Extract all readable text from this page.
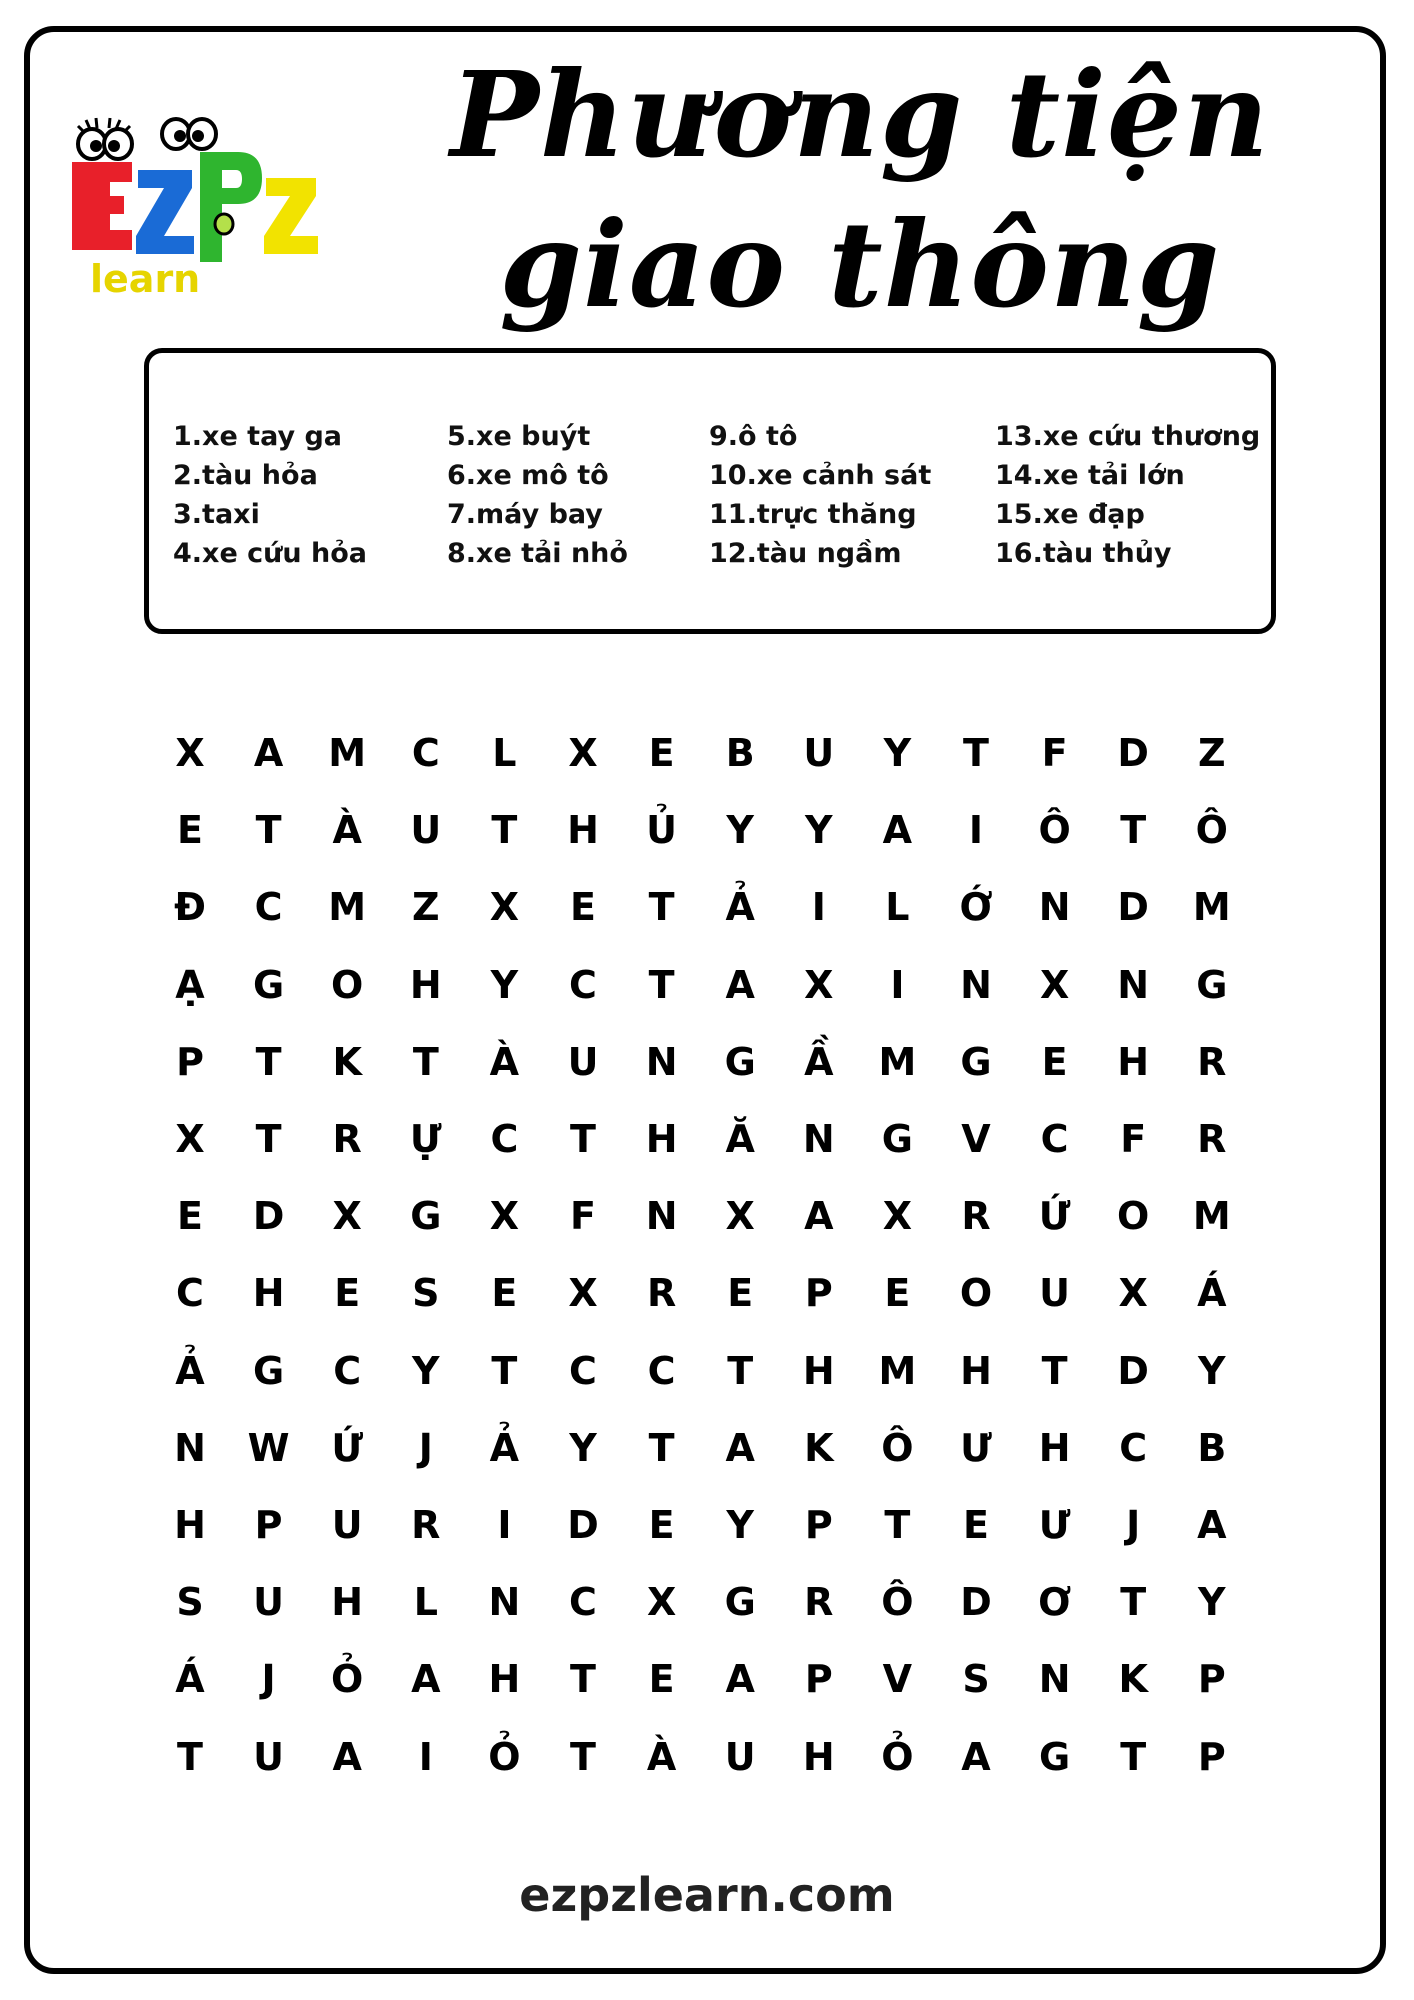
learn
Phương tiện
giao thông
1.xe tay ga
2.tàu hỏa
3.taxi
4.xe cứu hỏa
5.xe buýt
6.xe mô tô
7.máy bay
8.xe tải nhỏ
9.ô tô
10.xe cảnh sát
11.trực thăng
12.tàu ngầm
13.xe cứu thương
14.xe tải lớn
15.xe đạp
16.tàu thủy
X	A	M	C	L	X	E	B	U	Y	T	F	D	Z
E	T	À	U	T	H	Ủ	Y	Y	A	I	Ô	T	Ô
Đ	C	M	Z	X	E	T	Ả	I	L	Ớ	N	D	M
Ạ	G	O	H	Y	C	T	A	X	I	N	X	N	G
P	T	K	T	À	U	N	G	Ầ	M	G	E	H	R
X	T	R	Ự	C	T	H	Ă	N	G	V	C	F	R
E	D	X	G	X	F	N	X	A	X	R	Ứ	O	M
C	H	E	S	E	X	R	E	P	E	O	U	X	Á
Ả	G	C	Y	T	C	C	T	H	M	H	T	D	Y
N	W	Ứ	J	Ả	Y	T	A	K	Ô	Ư	H	C	B
H	P	U	R	I	D	E	Y	P	T	E	Ư	J	A
S	U	H	L	N	C	X	G	R	Ô	D	Ơ	T	Y
Á	J	Ỏ	A	H	T	E	A	P	V	S	N	K	P
T	U	A	I	Ỏ	T	À	U	H	Ỏ	A	G	T	P
ezpzlearn.com
